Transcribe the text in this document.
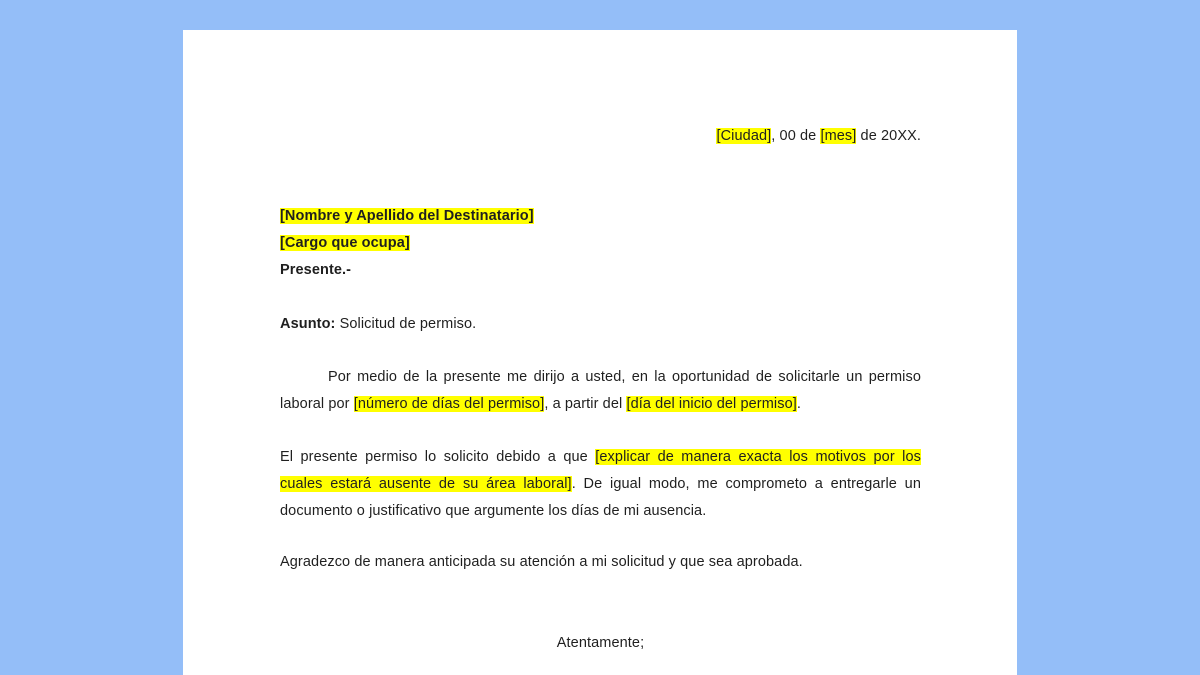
[Ciudad], 00 de [mes] de 20XX.
[Nombre y Apellido del Destinatario]
[Cargo que ocupa]
Presente.-
Asunto: Solicitud de permiso.
Por medio de la presente me dirijo a usted, en la oportunidad de solicitarle un permiso
laboral por [número de días del permiso], a partir del [día del inicio del permiso].
El presente permiso lo solicito debido a que [explicar de manera exacta los motivos por los
cuales estará ausente de su área laboral]. De igual modo, me comprometo a entregarle un
documento o justificativo que argumente los días de mi ausencia.
Agradezco de manera anticipada su atención a mi solicitud y que sea aprobada.
Atentamente;
